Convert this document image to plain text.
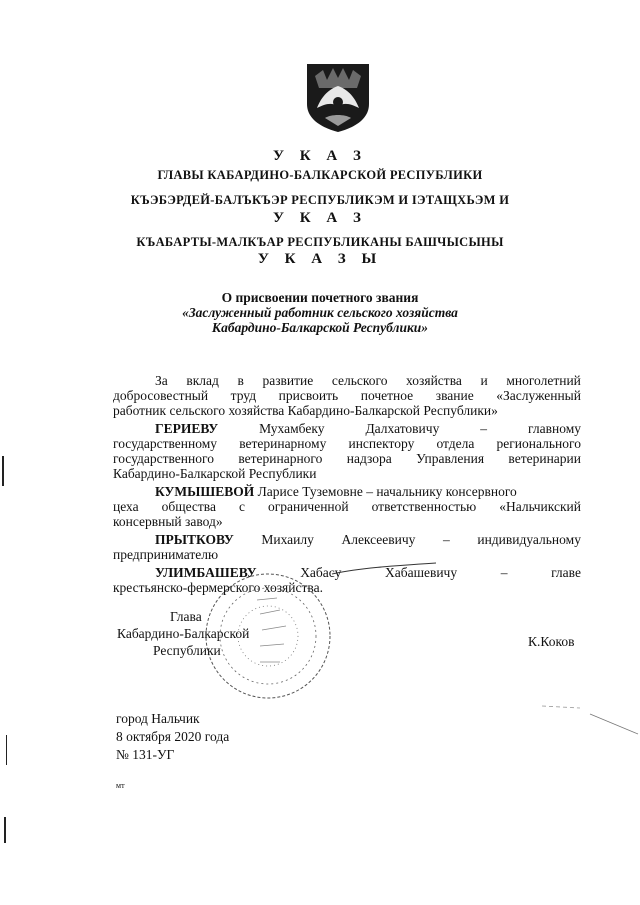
У К А З
ГЛАВЫ КАБАРДИНО-БАЛКАРСКОЙ РЕСПУБЛИКИ
КЪЭБЭРДЕЙ-БАЛЪКЪЭР РЕСПУБЛИКЭМ И IЭТАЩХЬЭМ И
У К А З
КЪАБАРТЫ-МАЛКЪАР РЕСПУБЛИКАНЫ БАШЧЫСЫНЫ
У К А З Ы
О присвоении почетного звания
«Заслуженный работник сельского хозяйства
Кабардино-Балкарской Республики»
За вклад в развитие сельского хозяйства и многолетний
добросовестный труд присвоить почетное звание «Заслуженный
работник сельского хозяйства Кабардино-Балкарской Республики»
ГЕРИЕВУ	Мухамбеку	Далхатовичу	–	главному
государственному ветеринарному инспектору отдела регионального
государственного ветеринарного надзора Управления ветеринарии
Кабардино-Балкарской Республики
КУМЫШЕВОЙ Ларисе Туземовне – начальнику консервного
цеха общества с ограниченной ответственностью «Нальчикский
консервный завод»
ПРЫТКОВУ Михаилу Алексеевичу – индивидуальному
предпринимателю
УЛИМБАШЕВУ	Хабасу	Хабашевичу	–	главе
крестьянско-фермерского хозяйства.
Глава
Кабардино-Балкарской
Республики
К.Коков
город Нальчик
8 октября 2020 года
№ 131-УГ
мт
